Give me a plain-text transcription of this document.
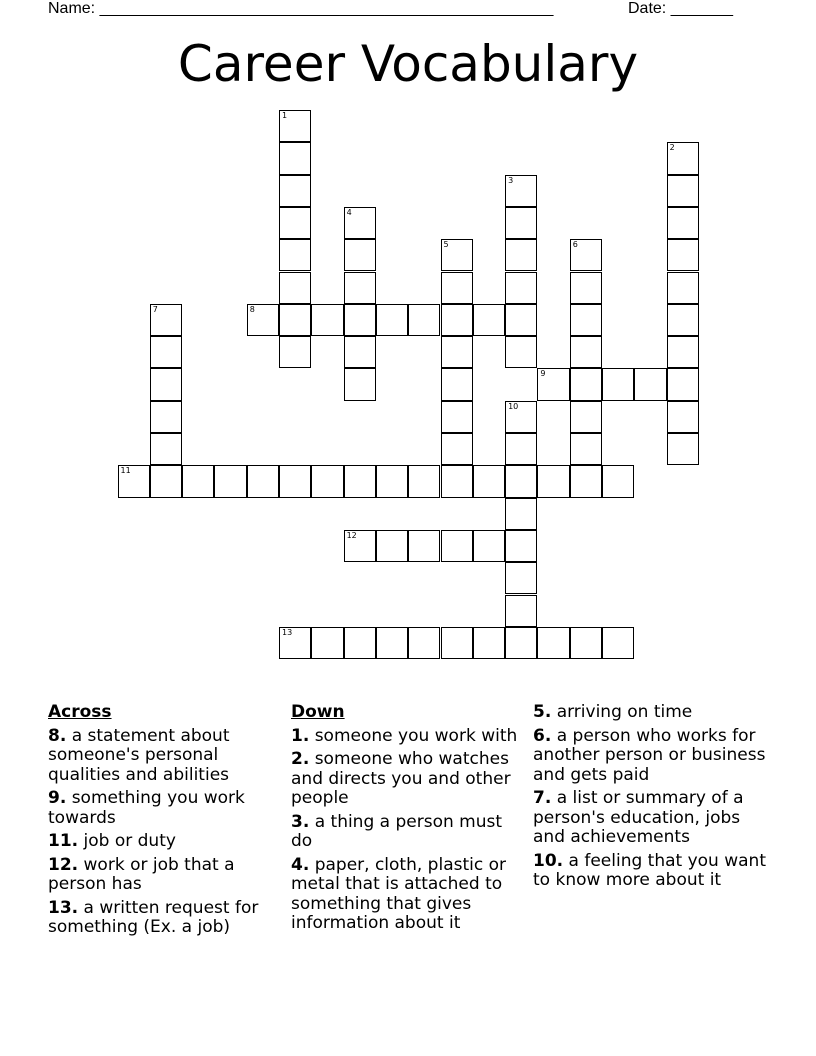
Name: ___________________________________________________	Date: _______
Career Vocabulary
1
2
3
4
5	6
7	8
9
10
11
12
13
Across
8. a statement about someone's personal qualities and abilities
9. something you work towards
11. job or duty
12. work or job that a person has
13. a written request for something (Ex. a job)
Down
1. someone you work with
2. someone who watches and directs you and other people
3. a thing a person must do
4. paper, cloth, plastic or metal that is attached to something that gives information about it
5. arriving on time
6. a person who works for another person or business and gets paid
7. a list or summary of a person's education, jobs and achievements
10. a feeling that you want to know more about it
